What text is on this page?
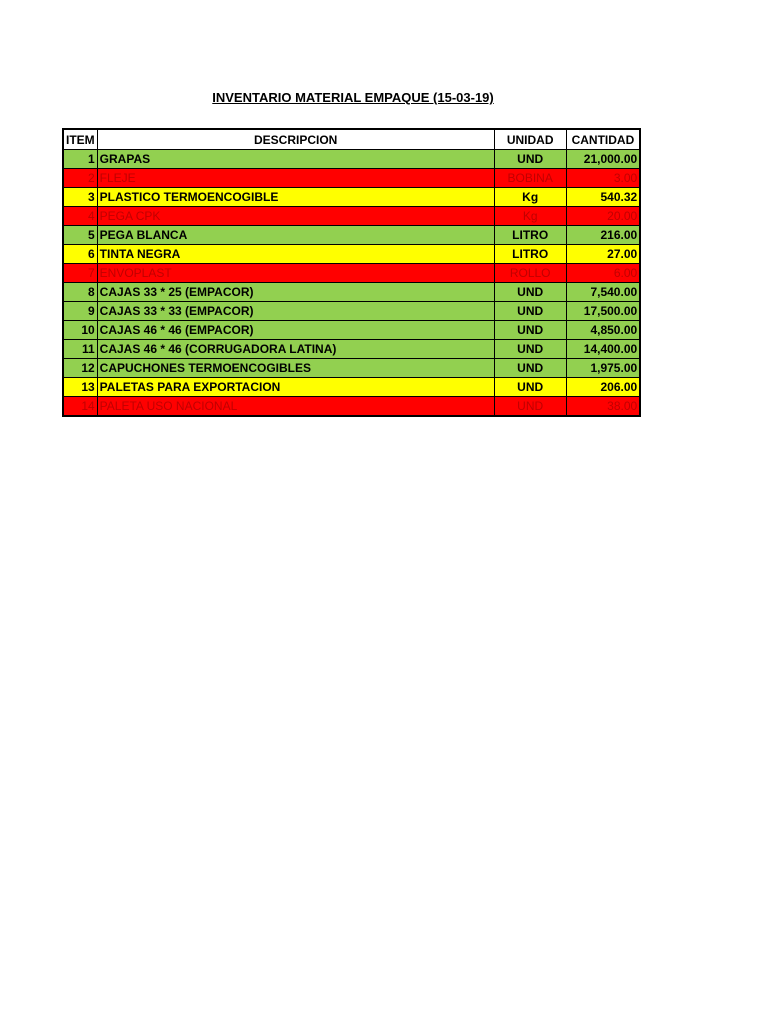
INVENTARIO MATERIAL EMPAQUE (15-03-19)
ITEM	DESCRIPCION	UNIDAD	CANTIDAD
1	GRAPAS	UND	21,000.00
2	FLEJE	BOBINA	3.00
3	PLASTICO TERMOENCOGIBLE	Kg	540.32
4	PEGA CPK	Kg	20.00
5	PEGA BLANCA	LITRO	216.00
6	TINTA NEGRA	LITRO	27.00
7	ENVOPLAST	ROLLO	6.00
8	CAJAS 33 * 25 (EMPACOR)	UND	7,540.00
9	CAJAS 33 * 33 (EMPACOR)	UND	17,500.00
10	CAJAS 46 * 46 (EMPACOR)	UND	4,850.00
11	CAJAS 46 * 46 (CORRUGADORA LATINA)	UND	14,400.00
12	CAPUCHONES TERMOENCOGIBLES	UND	1,975.00
13	PALETAS PARA EXPORTACION	UND	206.00
14	PALETA USO NACIONAL	UND	38.00
